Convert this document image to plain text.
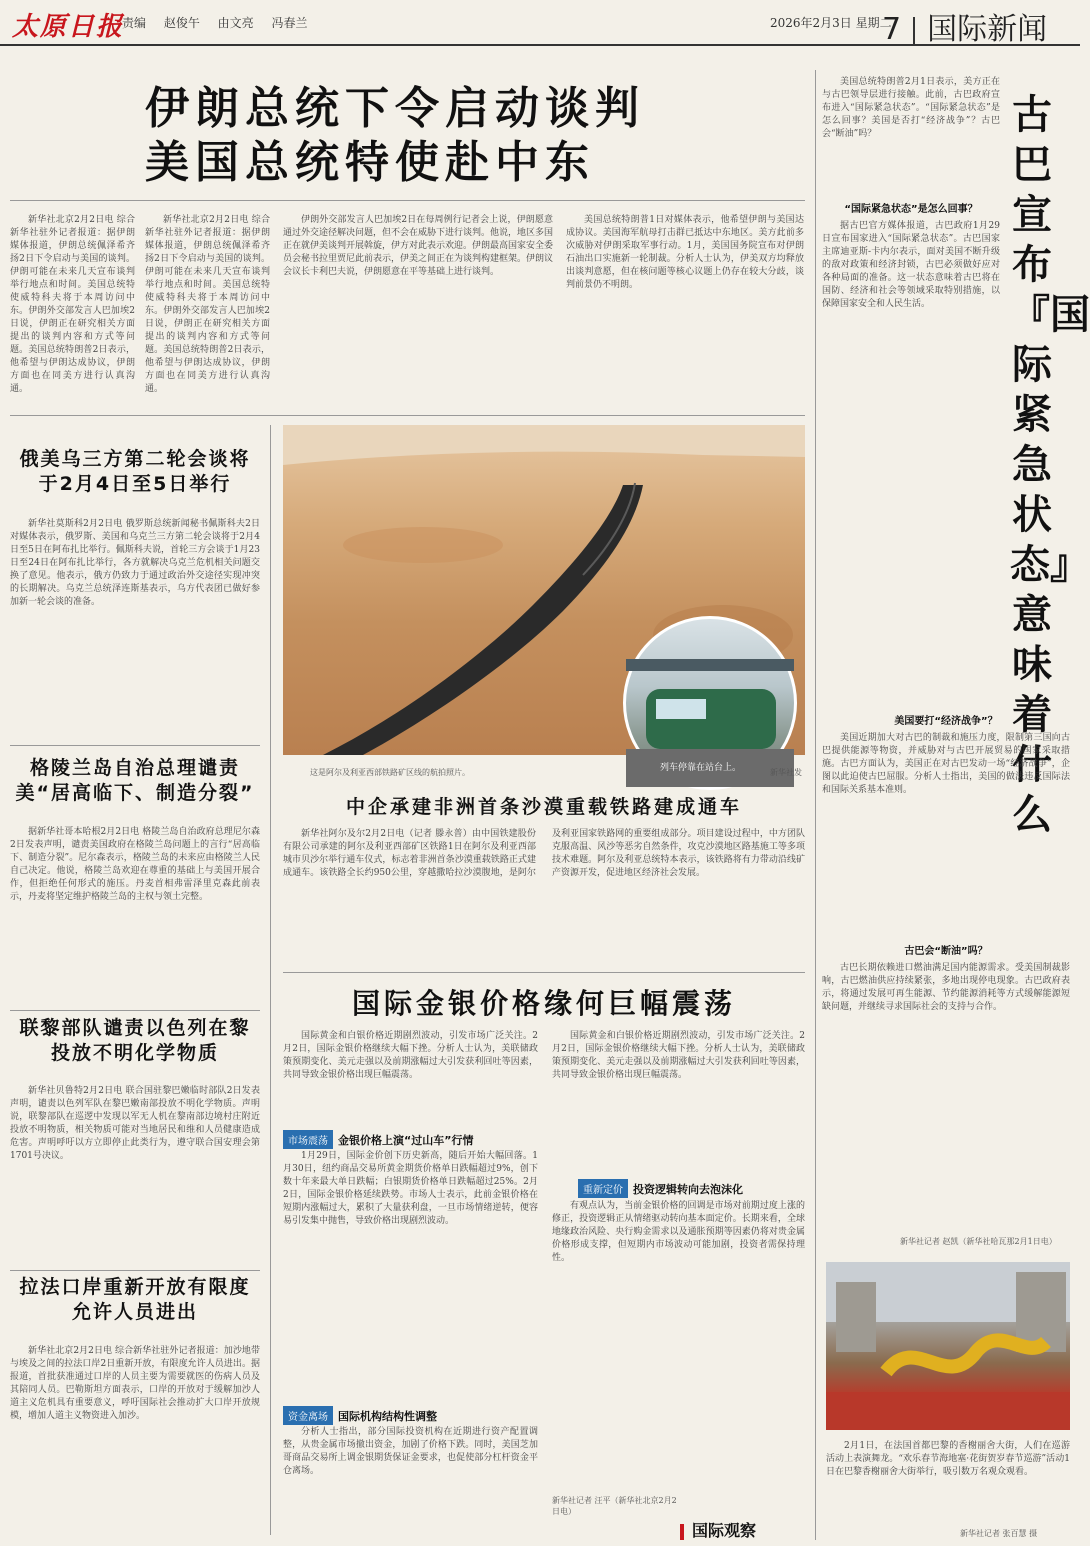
太原日报
责编 赵俊午 由文亮 冯春兰	2026年2月3日 星期二
7 国际新闻
伊朗总统下令启动谈判
美国总统特使赴中东

新华社北京2月2日电 综合新华社驻外记者报道：据伊朗媒体报道，伊朗总统佩泽希齐扬2日下令启动与美国的谈判。伊朗可能在未来几天宣布谈判举行地点和时间。美国总统特使威特科夫将于本周访问中东。伊朗外交部发言人巴加埃2日说，伊朗正在研究相关方面提出的谈判内容和方式等问题。美国总统特朗普2日表示，他希望与伊朗达成协议，伊朗方面也在同美方进行认真沟通。

伊朗外交部发言人巴加埃2日在每周例行记者会上说，伊朗愿意通过外交途径解决问题，但不会在威胁下进行谈判。他说，地区多国正在就伊美谈判开展斡旋，伊方对此表示欢迎。伊朗最高国家安全委员会秘书拉里贾尼此前表示，伊美之间正在为谈判构建框架。伊朗议会议长卡利巴夫说，伊朗愿意在平等基础上进行谈判。

美国总统特朗普1日对媒体表示，他希望伊朗与美国达成协议。美国海军航母打击群已抵达中东地区。美方此前多次威胁对伊朗采取军事行动。1月，美国国务院宣布对伊朗石油出口实施新一轮制裁。分析人士认为，伊美双方均释放出谈判意愿，但在核问题等核心议题上仍存在较大分歧，谈判前景仍不明朗。

新华社北京2月2日电 综合新华社驻外记者报道：据伊朗媒体报道，伊朗总统佩泽希齐扬2日下令启动与美国的谈判。伊朗可能在未来几天宣布谈判举行地点和时间。美国总统特使威特科夫将于本周访问中东。伊朗外交部发言人巴加埃2日说，伊朗正在研究相关方面提出的谈判内容和方式等问题。美国总统特朗普2日表示，他希望与伊朗达成协议，伊朗方面也在同美方进行认真沟通。

俄美乌三方第二轮会谈将于2月4日至5日举行

新华社莫斯科2月2日电 俄罗斯总统新闻秘书佩斯科夫2日对媒体表示，俄罗斯、美国和乌克兰三方第二轮会谈将于2月4日至5日在阿布扎比举行。佩斯科夫说，首轮三方会谈于1月23日至24日在阿布扎比举行，各方就解决乌克兰危机相关问题交换了意见。他表示，俄方仍致力于通过政治外交途径实现冲突的长期解决。乌克兰总统泽连斯基表示，乌方代表团已做好参加新一轮会谈的准备。

格陵兰岛自治总理谴责美“居高临下、制造分裂”

据新华社哥本哈根2月2日电 格陵兰岛自治政府总理尼尔森2日发表声明，谴责美国政府在格陵兰岛问题上的言行“居高临下、制造分裂”。尼尔森表示，格陵兰岛的未来应由格陵兰人民自己决定。他说，格陵兰岛欢迎在尊重的基础上与美国开展合作，但拒绝任何形式的施压。丹麦首相弗雷泽里克森此前表示，丹麦将坚定维护格陵兰岛的主权与领土完整。

联黎部队谴责以色列在黎投放不明化学物质

新华社贝鲁特2月2日电 联合国驻黎巴嫩临时部队2日发表声明，谴责以色列军队在黎巴嫩南部投放不明化学物质。声明说，联黎部队在巡逻中发现以军无人机在黎南部边境村庄附近投放不明物质，相关物质可能对当地居民和维和人员健康造成危害。声明呼吁以方立即停止此类行为，遵守联合国安理会第1701号决议。

拉法口岸重新开放有限度允许人员进出

新华社北京2月2日电 综合新华社驻外记者报道：加沙地带与埃及之间的拉法口岸2日重新开放，有限度允许人员进出。据报道，首批获准通过口岸的人员主要为需要就医的伤病人员及其陪同人员。巴勒斯坦方面表示，口岸的开放对于缓解加沙人道主义危机具有重要意义，呼吁国际社会推动扩大口岸开放规模，增加人道主义物资进入加沙。

列车停靠在站台上。
这是阿尔及利亚西部铁路矿区线的航拍照片。	新华社发
中企承建非洲首条沙漠重载铁路建成通车

新华社阿尔及尔2月2日电（记者 滕永普）由中国铁建股份有限公司承建的阿尔及利亚西部矿区铁路1日在阿尔及利亚西部城市贝沙尔举行通车仪式，标志着非洲首条沙漠重载铁路正式建成通车。该铁路全长约950公里，穿越撒哈拉沙漠腹地，是阿尔及利亚国家铁路网的重要组成部分。项目建设过程中，中方团队克服高温、风沙等恶劣自然条件，攻克沙漠地区路基施工等多项技术难题。阿尔及利亚总统特本表示，该铁路将有力带动沿线矿产资源开发，促进地区经济社会发展。

国际金银价格缘何巨幅震荡

国际黄金和白银价格近期剧烈波动，引发市场广泛关注。2月2日，国际金银价格继续大幅下挫。分析人士认为，美联储政策预期变化、美元走强以及前期涨幅过大引发获利回吐等因素，共同导致金银价格出现巨幅震荡。

市场震荡 金银价格上演“过山车”行情

1月29日，国际金价创下历史新高，随后开始大幅回落。1月30日，纽约商品交易所黄金期货价格单日跌幅超过9%，创下数十年来最大单日跌幅；白银期货价格单日跌幅超过25%。2月2日，国际金银价格延续跌势。市场人士表示，此前金银价格在短期内涨幅过大，累积了大量获利盘，一旦市场情绪逆转，便容易引发集中抛售，导致价格出现剧烈波动。

资金离场 国际机构结构性调整

分析人士指出，部分国际投资机构在近期进行资产配置调整，从贵金属市场撤出资金，加剧了价格下跌。同时，美国芝加哥商品交易所上调金银期货保证金要求，也促使部分杠杆资金平仓离场。

国际黄金和白银价格近期剧烈波动，引发市场广泛关注。2月2日，国际金银价格继续大幅下挫。分析人士认为，美联储政策预期变化、美元走强以及前期涨幅过大引发获利回吐等因素，共同导致金银价格出现巨幅震荡。

重新定价 投资逻辑转向去泡沫化

有观点认为，当前金银价格的回调是市场对前期过度上涨的修正，投资逻辑正从情绪驱动转向基本面定价。长期来看，全球地缘政治风险、央行购金需求以及通胀预期等因素仍将对贵金属价格形成支撑，但短期内市场波动可能加剧，投资者需保持理性。

新华社记者 汪平（新华社北京2月2日电）
国际观察

美国总统特朗普2月1日表示，美方正在与古巴领导层进行接触。此前，古巴政府宣布进入“国际紧急状态”。“国际紧急状态”是怎么回事？美国是否打“经济战争”？古巴会“断油”吗？	古巴宣布『国际紧急状态』意味着什么
“国际紧急状态”是怎么回事？

据古巴官方媒体报道，古巴政府1月29日宣布国家进入“国际紧急状态”。古巴国家主席迪亚斯-卡内尔表示，面对美国不断升级的敌对政策和经济封锁，古巴必须做好应对各种局面的准备。这一状态意味着古巴将在国防、经济和社会等领域采取特别措施，以保障国家安全和人民生活。

美国要打“经济战争”？

美国近期加大对古巴的制裁和施压力度，限制第三国向古巴提供能源等物资，并威胁对与古巴开展贸易的国家采取措施。古巴方面认为，美国正在对古巴发动一场“经济战争”，企图以此迫使古巴屈服。分析人士指出，美国的做法违反国际法和国际关系基本准则。

古巴会“断油”吗？

古巴长期依赖进口燃油满足国内能源需求。受美国制裁影响，古巴燃油供应持续紧张，多地出现停电现象。古巴政府表示，将通过发展可再生能源、节约能源消耗等方式缓解能源短缺问题，并继续寻求国际社会的支持与合作。

新华社记者 赵凯（新华社哈瓦那2月1日电）

2月1日，在法国首都巴黎的香榭丽舍大街，人们在巡游活动上表演舞龙。“欢乐春节海地塞·花街贺岁春节巡游”活动1日在巴黎香榭丽舍大街举行，吸引数万名观众观看。

新华社记者 张百慧 摄
